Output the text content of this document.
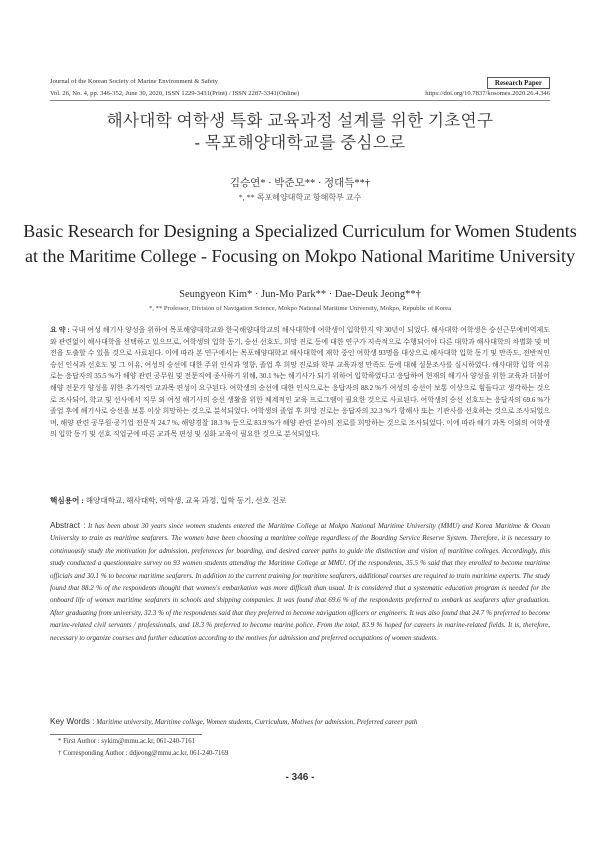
Journal of the Korean Society of Marine Environment & Safety	Research Paper
Vol. 26, No. 4, pp. 346-352, June 30, 2020, ISSN 1229-3431(Print) / ISSN 2287-3341(Online)	https://doi.org/10.7837/kosomes.2020.26.4.346
해사대학 여학생 특화 교육과정 설계를 위한 기초연구
- 목포해양대학교를 중심으로
김승연* · 박준모** · 정대득**†
*, ** 목포해양대학교 항해학부 교수
Basic Research for Designing a Specialized Curriculum for Women Students
at the Maritime College - Focusing on Mokpo National Maritime University
Seungyeon Kim* · Jun-Mo Park** · Dae-Deuk Jeong**†
*, ** Professor, Division of Navigation Science, Mokpo National Maritime University, Mokpo, Republic of Korea
요 약 : 국내 여성 해기사 양성을 위하여 목포해양대학교와 한국해양대학교의 해사대학에 여학생이 입학한지 약 30년이 되었다. 해사대학 여학생은 승선근무예비역제도와 관련없이 해사대학을 선택하고 있으므로, 여학생의 입학 동기, 승선 선호도, 희망 진로 등에 대한 연구가 지속적으로 수행되어야 다른 대학과 해사대학의 차별화 및 비전을 도출할 수 있을 것으로 사료된다. 이에 따라 본 연구에서는 목포해양대학교 해사대학에 재학 중인 여학생 93명을 대상으로 해사대학 입학 동기 및 만족도, 전반적인 승선 인식과 선호도 및 그 이유, 여성의 승선에 대한 주위 인식과 영향, 졸업 후 희망 진로와 학부 교육과정 만족도 등에 대해 설문조사를 실시하였다. 해사대학 입학 이유로는 응답자의 35.5 %가 해양 관련 공무원 및 전문직에 종사하기 위해, 30.1 %는 해기사가 되기 위하여 입학하였다고 응답하여 현재의 해기사 양성을 위한 교육과 더불어 해양 전문가 양성을 위한 추가적인 교과목 편성이 요구된다. 여학생의 승선에 대한 인식으로는 응답자의 88.2 %가 여성의 승선이 보통 이상으로 힘들다고 생각하는 것으로 조사되어, 학교 및 선사에서 직무 외 여성 해기사의 승선 생활을 위한 체계적인 교육 프로그램이 필요한 것으로 사료된다. 여학생의 승선 선호도는 응답자의 69.6 %가 졸업 후에 해기사로 승선을 보통 이상 희망하는 것으로 분석되었다. 여학생의 졸업 후 희망 진로는 응답자의 32.3 %가 항해사 또는 기관사를 선호하는 것으로 조사되었으며, 해양 관련 공무원·공기업 전문직 24.7 %, 해양경찰 18.3 % 등으로 83.9 %가 해양 관련 분야의 진로를 희망하는 것으로 조사되었다. 이에 따라 해기 과목 이외의 여학생의 입학 동기 및 선호 직업군에 따른 교과목 편성 및 심화 교육이 필요한 것으로 분석되었다.
핵심용어 : 해양대학교, 해사대학, 여학생, 교육 과정, 입학 동기, 선호 진로
Abstract : It has been about 30 years since women students entered the Maritime College at Mokpo National Maritime University (MMU) and Korea Maritime & Ocean University to train as maritime seafarers. The women have been choosing a maritime college regardless of the Boarding Service Reserve System. Therefore, it is necessary to continuously study the motivation for admission, preferences for boarding, and desired career paths to guide the distinction and vision of maritime colleges. Accordingly, this study conducted a questionnaire survey on 93 women students attending the Maritime College at MMU. Of the respondents, 35.5 % said that they enrolled to become maritime officials and 30.1 % to become maritime seafarers. In addition to the current training for maritime seafarers, additional courses are required to train maritime experts. The study found that 88.2 % of the respondents thought that women's embarkation was more difficult than usual. It is considered that a systematic education program is needed for the onboard life of women maritime seafarers in schools and shipping companies. It was found that 69.6 % of the respondents preferred to embark as seafarers after graduation. After graduating from university, 32.3 % of the respondents said that they preferred to become navigation officers or engineers. It was also found that 24.7 % preferred to become marine-related civil servants / professionals, and 18.3 % preferred to become marine police. From the total, 83.9 % hoped for careers in marine-related fields. It is, therefore, necessary to organize courses and further education according to the motives for admission and preferred occupations of women students.
Key Words : Maritime university, Maritime college, Women students, Curriculum, Motives for admission, Preferred career path
* First Author : sykim@mmu.ac.kr, 061-240-7161
† Corresponding Author : ddjeong@mmu.ac.kr, 061-240-7169
- 346 -
